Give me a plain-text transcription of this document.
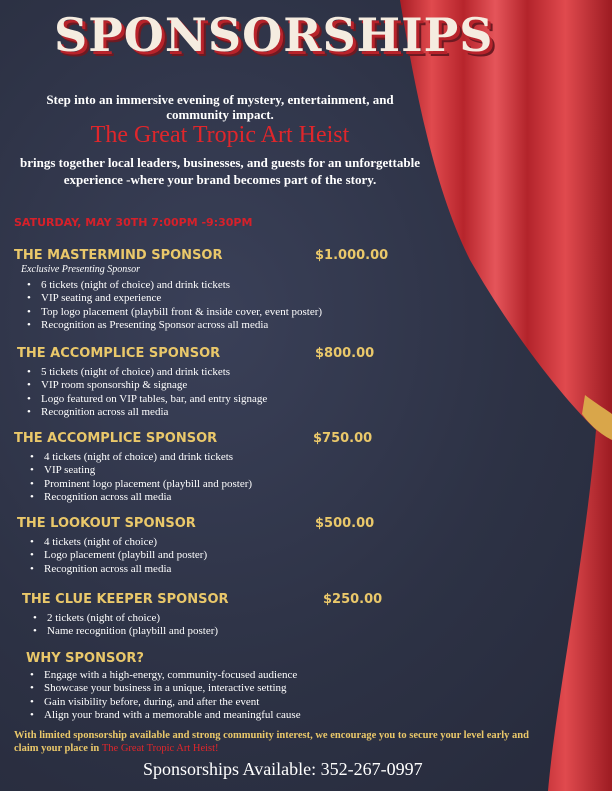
SPONSORSHIPS
Step into an immersive evening of mystery, entertainment, and community impact.
The Great Tropic Art Heist
brings together local leaders, businesses, and guests for an unforgettable experience -where your brand becomes part of the story.
SATURDAY, MAY 30TH 7:00PM -9:30PM
THE MASTERMIND SPONSOR	$1.000.00
Exclusive Presenting Sponsor
• 6 tickets (night of choice) and drink tickets
• VIP seating and experience
• Top logo placement (playbill front & inside cover, event poster)
• Recognition as Presenting Sponsor across all media
THE ACCOMPLICE SPONSOR	$800.00
• 5 tickets (night of choice) and drink tickets
• VIP room sponsorship & signage
• Logo featured on VIP tables, bar, and entry signage
• Recognition across all media
THE ACCOMPLICE SPONSOR	$750.00
• 4 tickets (night of choice) and drink tickets
• VIP seating
• Prominent logo placement (playbill and poster)
• Recognition across all media
THE LOOKOUT SPONSOR	$500.00
• 4 tickets (night of choice)
• Logo placement (playbill and poster)
• Recognition across all media
THE CLUE KEEPER SPONSOR	$250.00
• 2 tickets (night of choice)
• Name recognition (playbill and poster)
WHY SPONSOR?
• Engage with a high-energy, community-focused audience
• Showcase your business in a unique, interactive setting
• Gain visibility before, during, and after the event
• Align your brand with a memorable and meaningful cause
With limited sponsorship available and strong community interest, we encourage you to secure your level early and claim your place in The Great Tropic Art Heist!
Sponsorships Available: 352-267-0997
